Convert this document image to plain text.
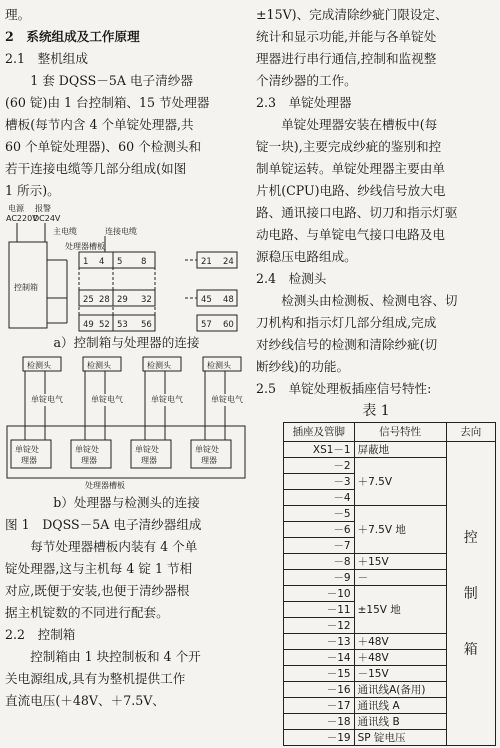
理。

2　系统组成及工作原理
2.1　整机组成

1 套 DQSS－5A 电子清纱器

(60 锭)由 1 台控制箱、15 节处理器

槽板(每节内含 4 个单锭处理器,共

60 个单锭处理器)、60 个检测头和

若干连接电缆等几部分组成(如图

1 所示)。

电源
AC220V
报警
DC24V
主电缆	连接电缆
处理器槽板
控制箱
1 4 5 8	21 24
25 28 29 32	45 48
49 52 53 56	57 60

a）控制箱与处理器的连接

检测头
单锭电气
单锭处
理器
检测头
单锭电气
单锭处
理器
检测头
单锭电气
单锭处
理器
检测头
单锭电气
单锭处
理器
处理器槽板

b）处理器与检测头的连接

图 1　DQSS－5A 电子清纱器组成

每节处理器槽板内装有 4 个单

锭处理器,这与主机每 4 锭 1 节相

对应,既便于安装,也便于清纱器根

据主机锭数的不同进行配套。

2.2　控制箱

控制箱由 1 块控制板和 4 个开

关电源组成,具有为整机提供工作

直流电压(＋48V、＋7.5V、

±15V)、完成清除纱疵门限设定、

统计和显示功能,并能与各单锭处

理器进行串行通信,控制和监视整

个清纱器的工作。

2.3　单锭处理器

单锭处理器安装在槽板中(每

锭一块),主要完成纱疵的鉴别和控

制单锭运转。单锭处理器主要由单

片机(CPU)电路、纱线信号放大电

路、通讯接口电路、切刀和指示灯驱

动电路、与单锭电气接口电路及电

源稳压电路组成。

2.4　检测头

检测头由检测板、检测电容、切

刀机构和指示灯几部分组成,完成

对纱线信号的检测和清除纱疵(切

断纱线)的功能。

2.5　单锭处理板插座信号特性:

表 1

插座及管脚	信号特性	去向
XS1－1	屏蔽地	控
制
箱

－2	＋7.5V	
－3		
－4		
－5	＋7.5V 地	
－6		
－7		
－8	＋15V	
－9	－	
－10	±15V 地	
－11		
－12		
－13	＋48V	
－14	＋48V	
－15	－15V	
－16	通讯线A(备用)	
－17	通讯线 A	
－18	通讯线 B	
－19	SP 锭电压	
